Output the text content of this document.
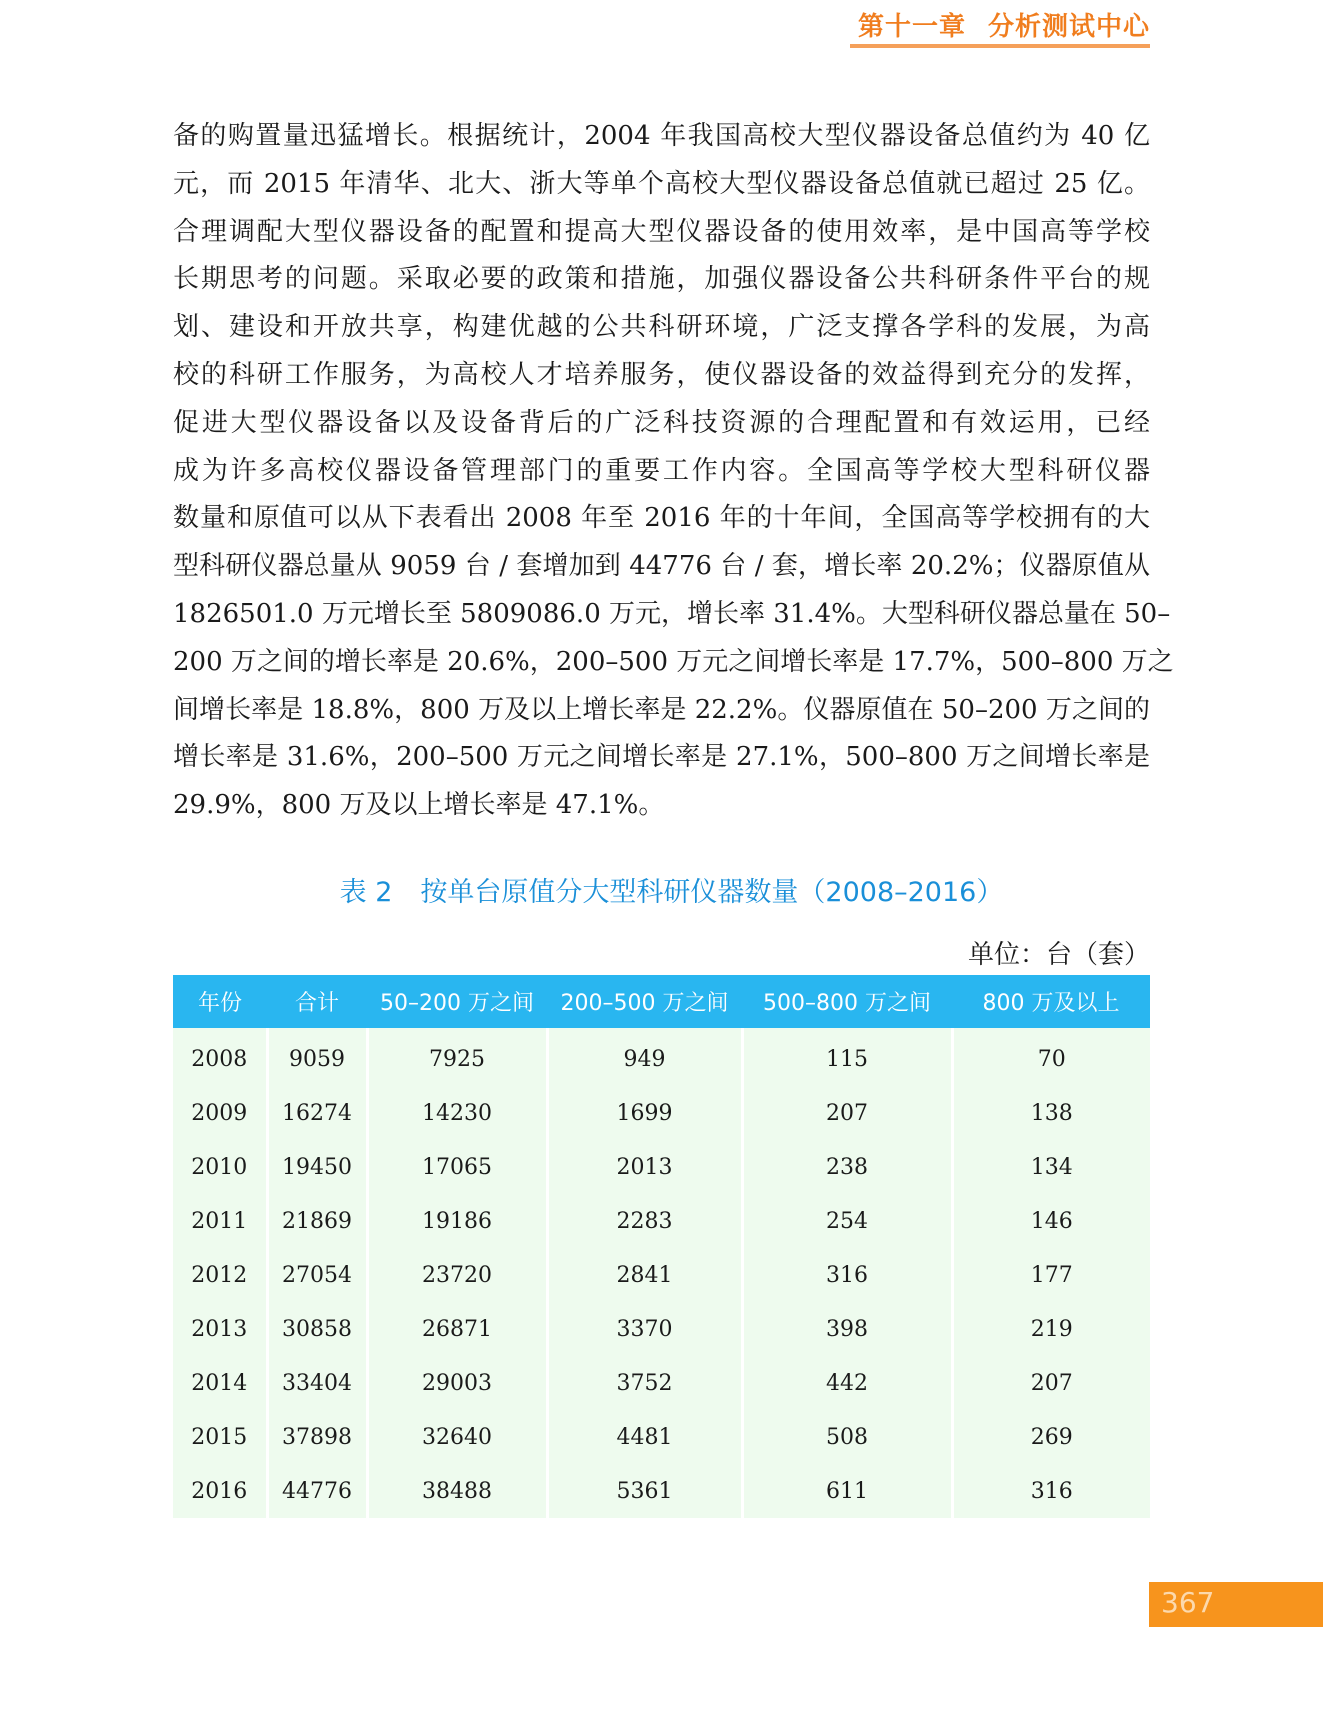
第十一章 分析测试中心
备的购置量迅猛增长。根据统计，2004 年我国高校大型仪器设备总值约为 40 亿
元，而 2015 年清华、北大、浙大等单个高校大型仪器设备总值就已超过 25 亿。
合理调配大型仪器设备的配置和提高大型仪器设备的使用效率，是中国高等学校
长期思考的问题。采取必要的政策和措施，加强仪器设备公共科研条件平台的规
划、建设和开放共享，构建优越的公共科研环境，广泛支撑各学科的发展，为高
校的科研工作服务，为高校人才培养服务，使仪器设备的效益得到充分的发挥，
促进大型仪器设备以及设备背后的广泛科技资源的合理配置和有效运用，已经
成为许多高校仪器设备管理部门的重要工作内容。全国高等学校大型科研仪器
数量和原值可以从下表看出 2008 年至 2016 年的十年间，全国高等学校拥有的大
型科研仪器总量从 9059 台 / 套增加到 44776 台 / 套，增长率 20.2%；仪器原值从
1826501.0 万元增长至 5809086.0 万元，增长率 31.4%。大型科研仪器总量在 50–
200 万之间的增长率是 20.6%，200–500 万元之间增长率是 17.7%，500–800 万之
间增长率是 18.8%，800 万及以上增长率是 22.2%。仪器原值在 50–200 万之间的
增长率是 31.6%，200–500 万元之间增长率是 27.1%，500–800 万之间增长率是
29.9%，800 万及以上增长率是 47.1%。
表 2 按单台原值分大型科研仪器数量（2008–2016）
单位：台（套）
年份	合计	50–200 万之间	200–500 万之间	500–800 万之间	800 万及以上
2008	9059	7925	949	115	70
2009	16274	14230	1699	207	138
2010	19450	17065	2013	238	134
2011	21869	19186	2283	254	146
2012	27054	23720	2841	316	177
2013	30858	26871	3370	398	219
2014	33404	29003	3752	442	207
2015	37898	32640	4481	508	269
2016	44776	38488	5361	611	316
367
